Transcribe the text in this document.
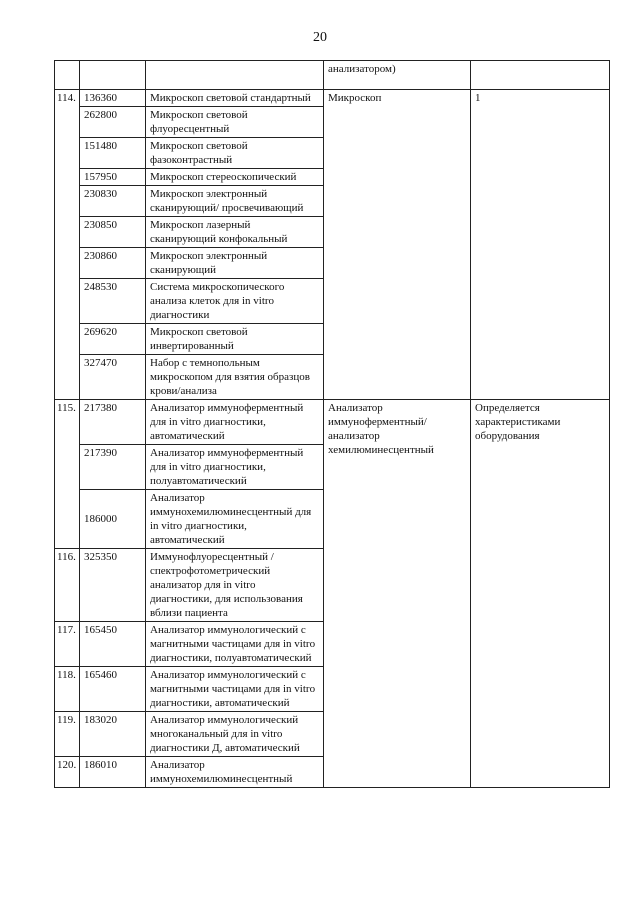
20
			анализатором)	
114.	136360	Микроскоп световой стандартный	Микроскоп	1
	262800	Микроскоп световой флуоресцентный		
	151480	Микроскоп световой фазоконтрастный		
	157950	Микроскоп стереоскопический		
	230830	Микроскоп электронный сканирующий/ просвечивающий		
	230850	Микроскоп лазерный сканирующий конфокальный		
	230860	Микроскоп электронный сканирующий		
	248530	Система микроскопического анализа клеток для in vitro диагностики		
	269620	Микроскоп световой инвертированный		
	327470	Набор с темнопольным микроскопом для взятия образцов крови/анализа		
115.	217380	Анализатор иммуноферментный для in vitro диагностики, автоматический	Анализатор иммуноферментный/ анализатор хемилюминесцентный	Определяется характеристиками оборудования
	217390	Анализатор иммуноферментный для in vitro диагностики, полуавтоматический		
	186000	Анализатор иммунохемилюминесцентный для in vitro диагностики, автоматический		
116.	325350	Иммунофлуоресцентный /спектрофотометрический анализатор для in vitro диагностики, для использования вблизи пациента		
117.	165450	Анализатор иммунологический с магнитными частицами для in vitro диагностики, полуавтоматический		
118.	165460	Анализатор иммунологический с магнитными частицами для in vitro диагностики, автоматический		
119.	183020	Анализатор иммунологический многоканальный для in vitro диагностики Д, автоматический		
120.	186010	Анализатор иммунохемилюминесцентный		
